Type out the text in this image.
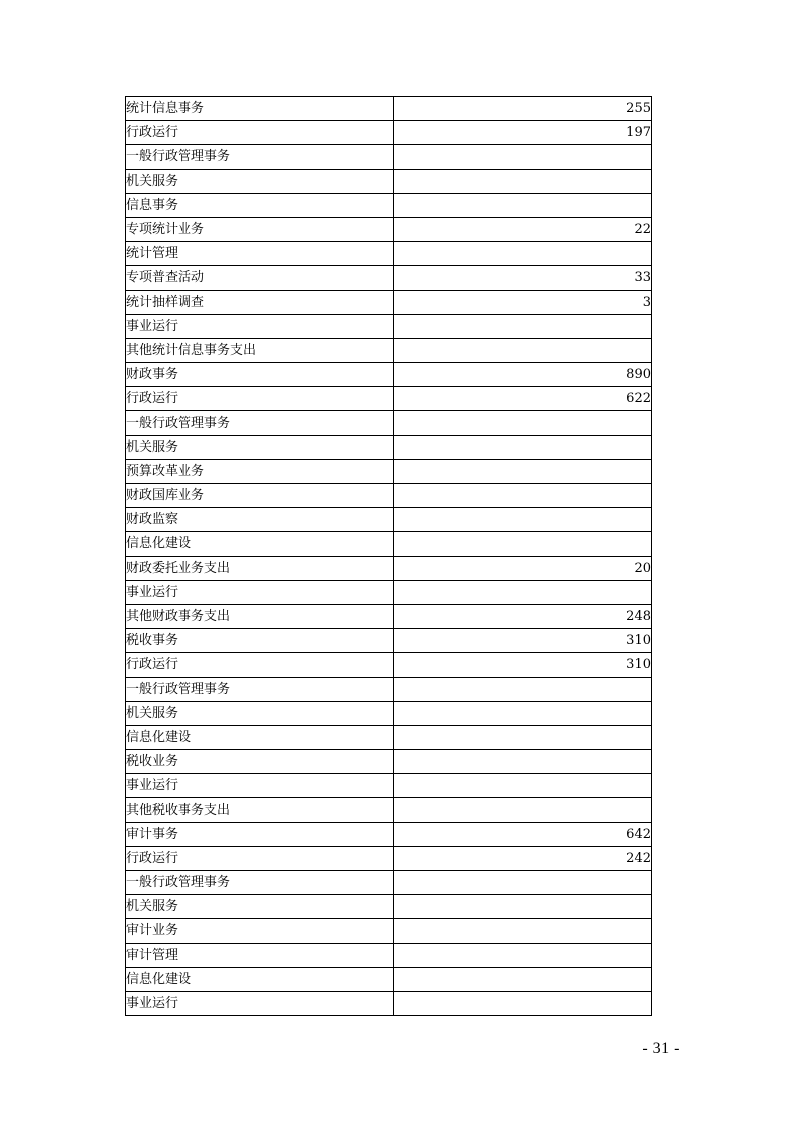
统计信息事务	255
行政运行	197
一般行政管理事务	
机关服务	
信息事务	
专项统计业务	22
统计管理	
专项普查活动	33
统计抽样调查	3
事业运行	
其他统计信息事务支出	
财政事务	890
行政运行	622
一般行政管理事务	
机关服务	
预算改革业务	
财政国库业务	
财政监察	
信息化建设	
财政委托业务支出	20
事业运行	
其他财政事务支出	248
税收事务	310
行政运行	310
一般行政管理事务	
机关服务	
信息化建设	
税收业务	
事业运行	
其他税收事务支出	
审计事务	642
行政运行	242
一般行政管理事务	
机关服务	
审计业务	
审计管理	
信息化建设	
事业运行	
- 31 -
